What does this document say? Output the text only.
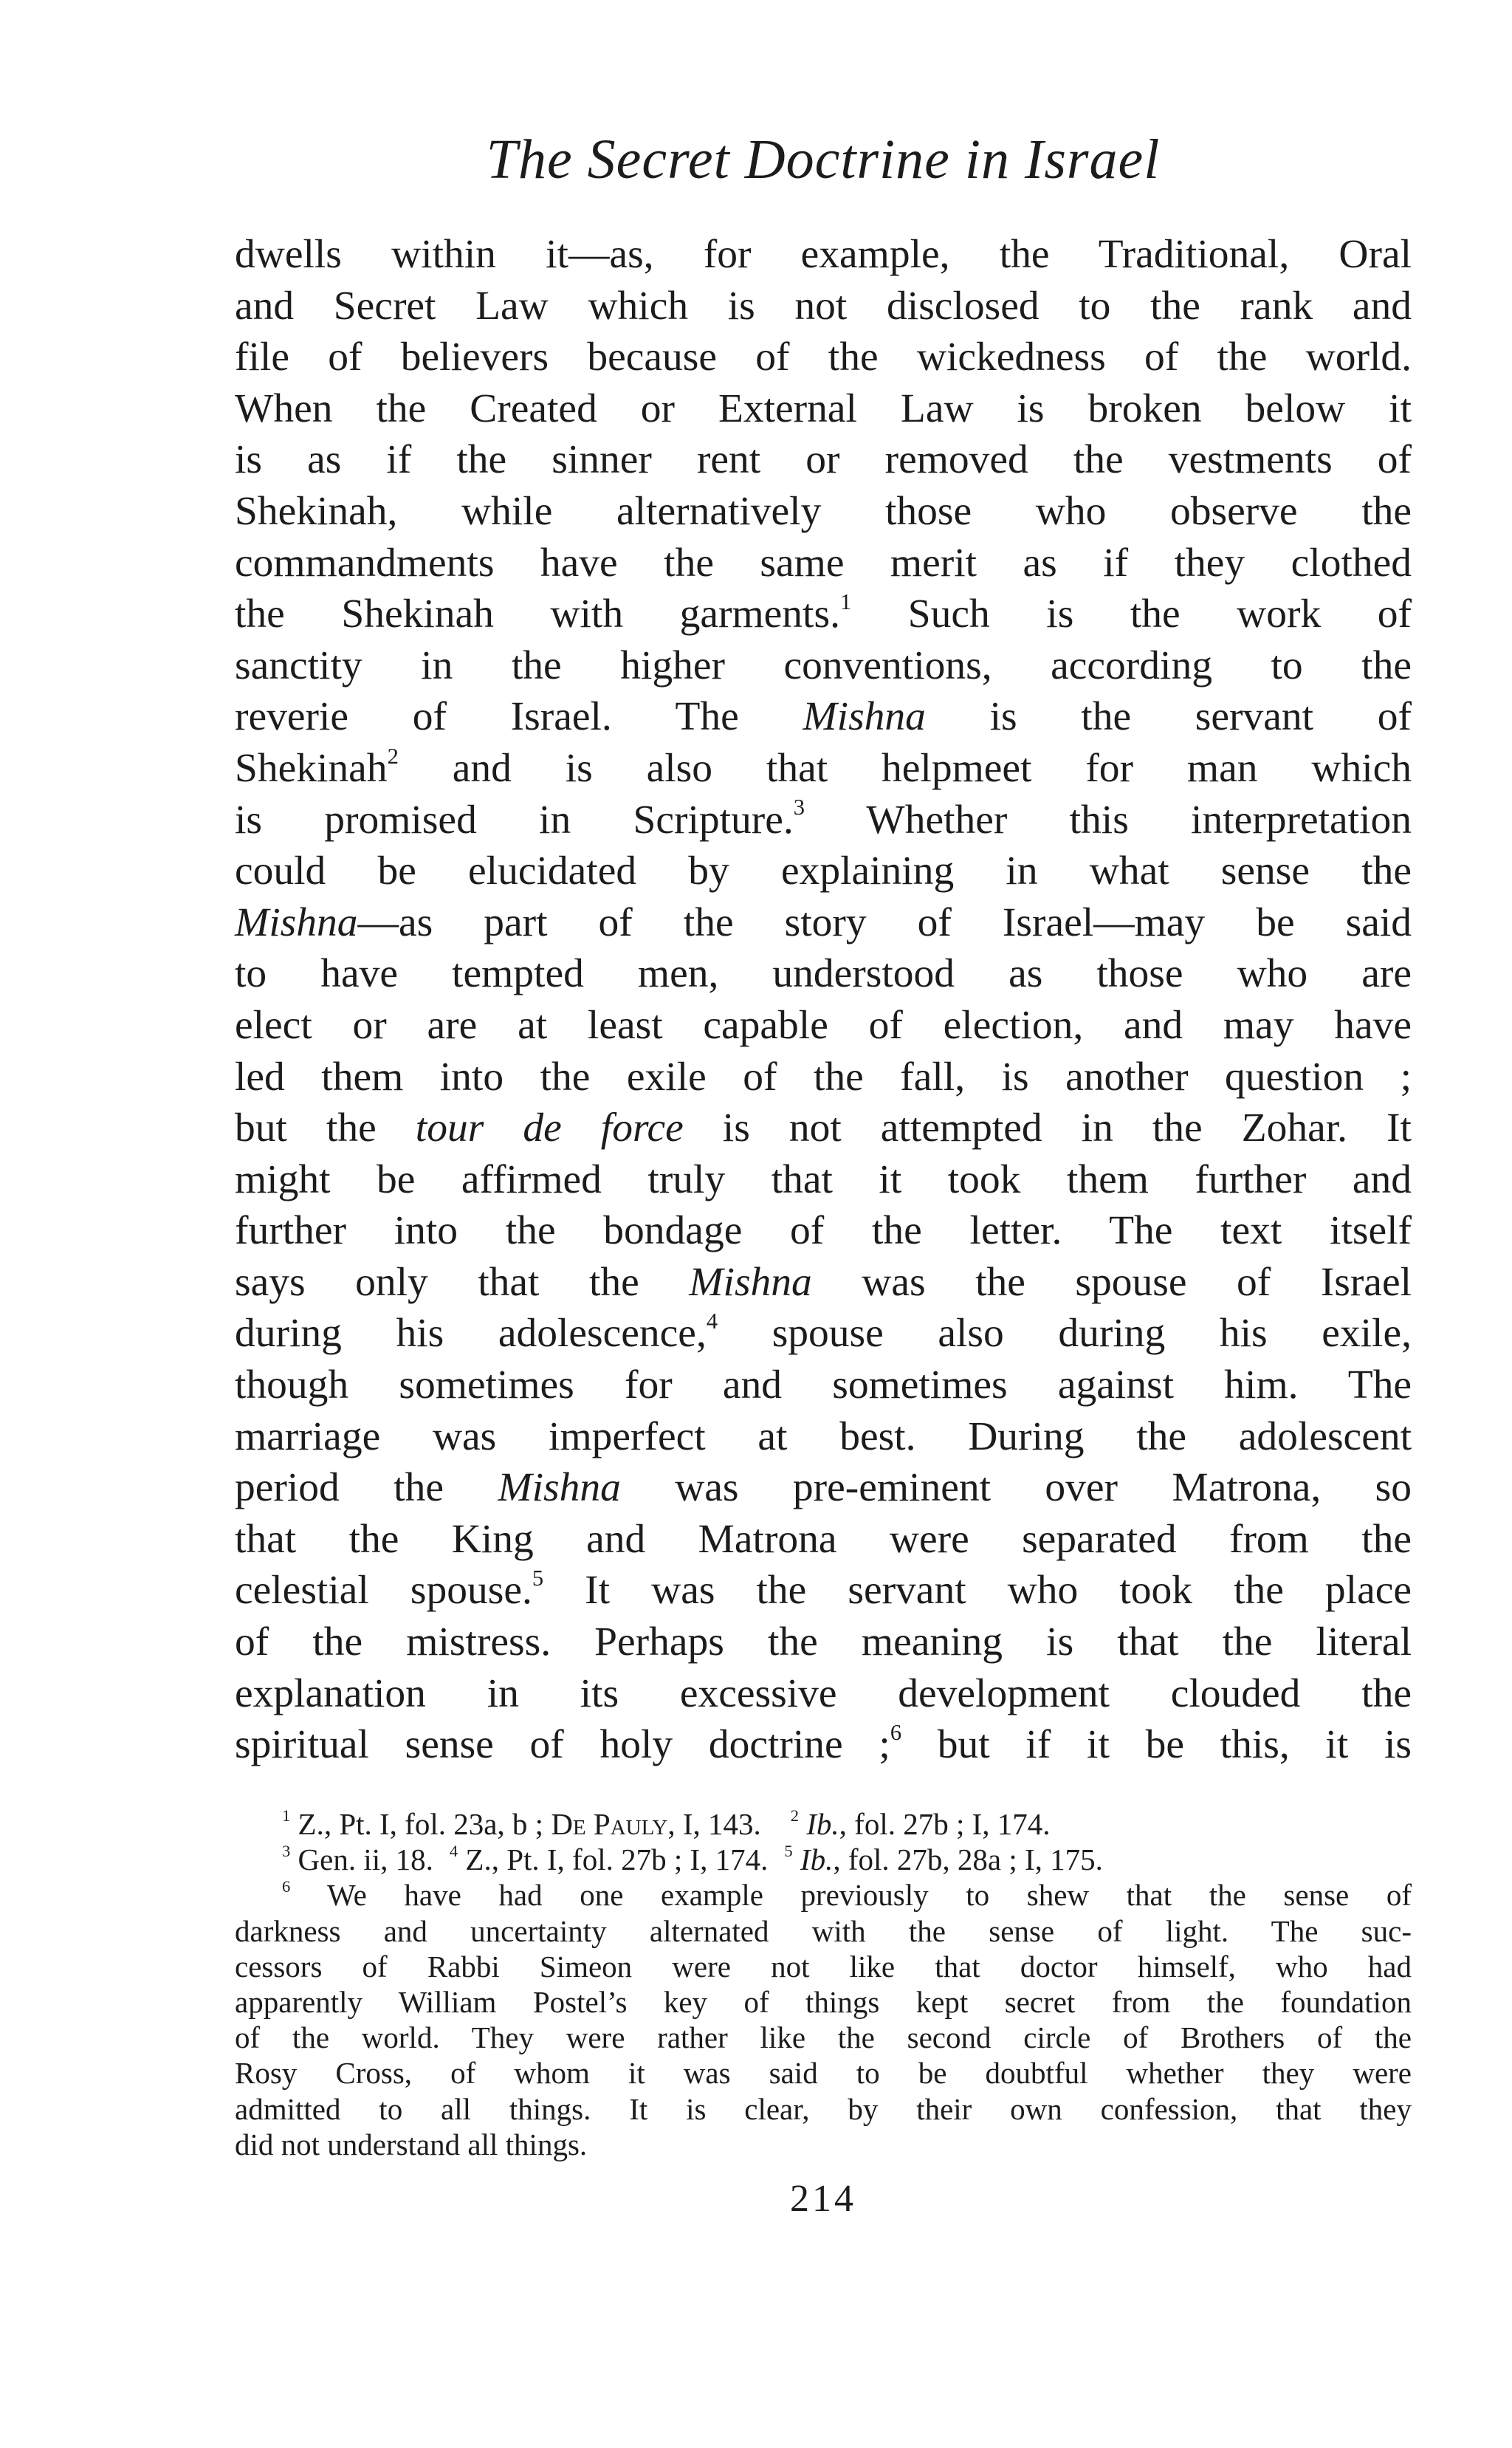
The Secret Doctrine in Israel
dwells within it—as, for example, the Traditional, Oral
and Secret Law which is not disclosed to the rank and
file of believers because of the wickedness of the world.
When the Created or External Law is broken below it
is as if the sinner rent or removed the vestments of
Shekinah, while alternatively those who observe the
commandments have the same merit as if they clothed
the Shekinah with garments.$^1$ Such is the work of
sanctity in the higher conventions, according to the
reverie of Israel. The Mishna is the servant of
Shekinah$^2$ and is also that helpmeet for man which
is promised in Scripture.$^3$ Whether this interpretation
could be elucidated by explaining in what sense the
Mishna—as part of the story of Israel—may be said
to have tempted men, understood as those who are
elect or are at least capable of election, and may have
led them into the exile of the fall, is another question ;
but the tour de force is not attempted in the Zohar. It
might be affirmed truly that it took them further and
further into the bondage of the letter. The text itself
says only that the Mishna was the spouse of Israel
during his adolescence,$^4$ spouse also during his exile,
though sometimes for and sometimes against him. The
marriage was imperfect at best. During the adolescent
period the Mishna was pre-eminent over Matrona, so
that the King and Matrona were separated from the
celestial spouse.$^5$ It was the servant who took the place
of the mistress. Perhaps the meaning is that the literal
explanation in its excessive development clouded the
spiritual sense of holy doctrine ;$^6$ but if it be this, it is
$^1$ Z., Pt. I, fol. 23a, b ; De Pauly, I, 143. $^2$ Ib., fol. 27b ; I, 174.
$^3$ Gen. ii, 18. $^4$ Z., Pt. I, fol. 27b ; I, 174. $^5$ Ib., fol. 27b, 28a ; I, 175.
$^6$ We have had one example previously to shew that the sense of
darkness and uncertainty alternated with the sense of light. The suc-
cessors of Rabbi Simeon were not like that doctor himself, who had
apparently William Postel’s key of things kept secret from the foundation
of the world. They were rather like the second circle of Brothers of the
Rosy Cross, of whom it was said to be doubtful whether they were
admitted to all things. It is clear, by their own confession, that they
did not understand all things.
214
